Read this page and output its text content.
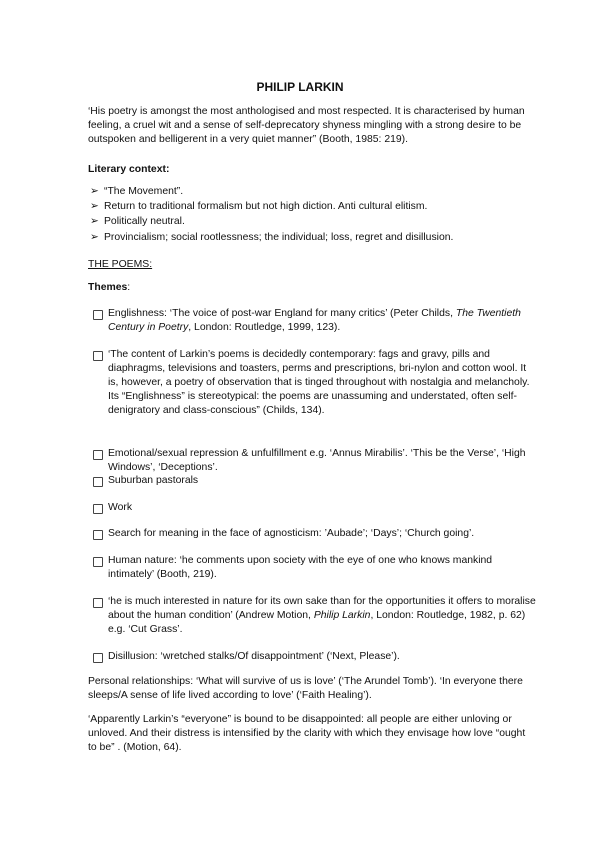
PHILIP LARKIN
‘His poetry is amongst the most anthologised and most respected. It is characterised by human feeling, a cruel wit and a sense of self-deprecatory shyness mingling with a strong desire to be outspoken and belligerent in a very quiet manner” (Booth, 1985: 219).
Literary context:
➢ “The Movement”.
➢ Return to traditional formalism but not high diction. Anti cultural elitism.
➢ Politically neutral.
➢ Provincialism; social rootlessness; the individual; loss, regret and disillusion.
THE POEMS:
Themes:
Englishness: ‘The voice of post-war England for many critics’ (Peter Childs, The Twentieth Century in Poetry, London: Routledge, 1999, 123).
‘The content of Larkin’s poems is decidedly contemporary: fags and gravy, pills and diaphragms, televisions and toasters, perms and prescriptions, bri-nylon and cotton wool. It is, however, a poetry of observation that is tinged throughout with nostalgia and melancholy. Its “Englishness” is stereotypical: the poems are unassuming and understated, often self-denigratory and class-conscious” (Childs, 134).
Emotional/sexual repression & unfulfillment e.g. ‘Annus Mirabilis’. ‘This be the Verse’, ‘High Windows’, ‘Deceptions’.
Suburban pastorals
Work
Search for meaning in the face of agnosticism: ’Aubade’; ‘Days’; ‘Church going’.
Human nature: ‘he comments upon society with the eye of one who knows mankind intimately’ (Booth, 219).
‘he is much interested in nature for its own sake than for the opportunities it offers to moralise about the human condition’ (Andrew Motion, Philip Larkin, London: Routledge, 1982, p. 62) e.g. ‘Cut Grass’.
Disillusion: ‘wretched stalks/Of disappointment’ (‘Next, Please’).
Personal relationships: ‘What will survive of us is love’ (‘The Arundel Tomb’). ‘In everyone there sleeps/A sense of life lived according to love’ (‘Faith Healing’).
‘Apparently Larkin’s “everyone” is bound to be disappointed: all people are either unloving or unloved. And their distress is intensified by the clarity with which they envisage how love “ought to be” . (Motion, 64).
